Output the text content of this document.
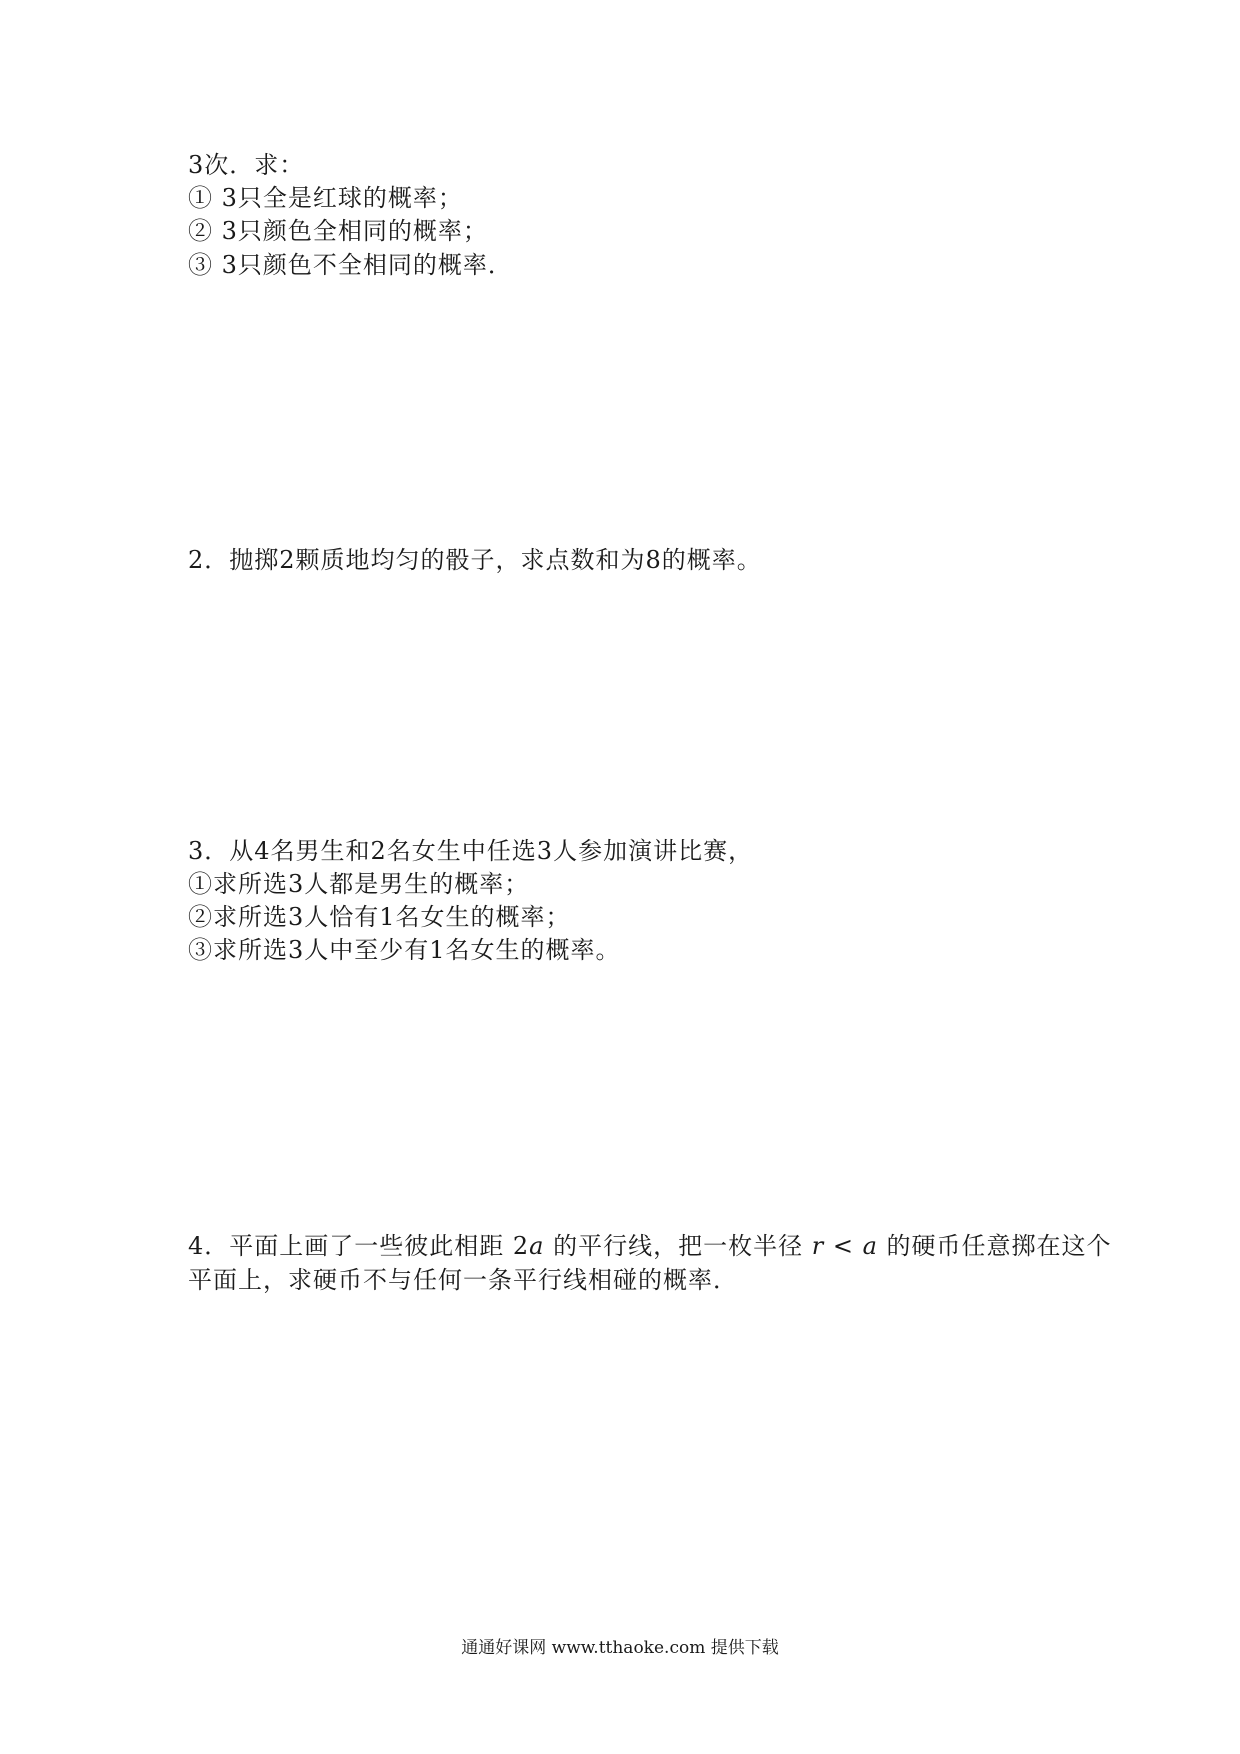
3次．求：
① 3只全是红球的概率；
② 3只颜色全相同的概率；
③ 3只颜色不全相同的概率．
2．抛掷2颗质地均匀的骰子，求点数和为8的概率。
3．从4名男生和2名女生中任选3人参加演讲比赛，
①求所选3人都是男生的概率；
②求所选3人恰有1名女生的概率；
③求所选3人中至少有1名女生的概率。
4．平面上画了一些彼此相距 2a 的平行线，把一枚半径 r < a 的硬币任意掷在这个
平面上，求硬币不与任何一条平行线相碰的概率．
通通好课网 www.tthaoke.com 提供下载
